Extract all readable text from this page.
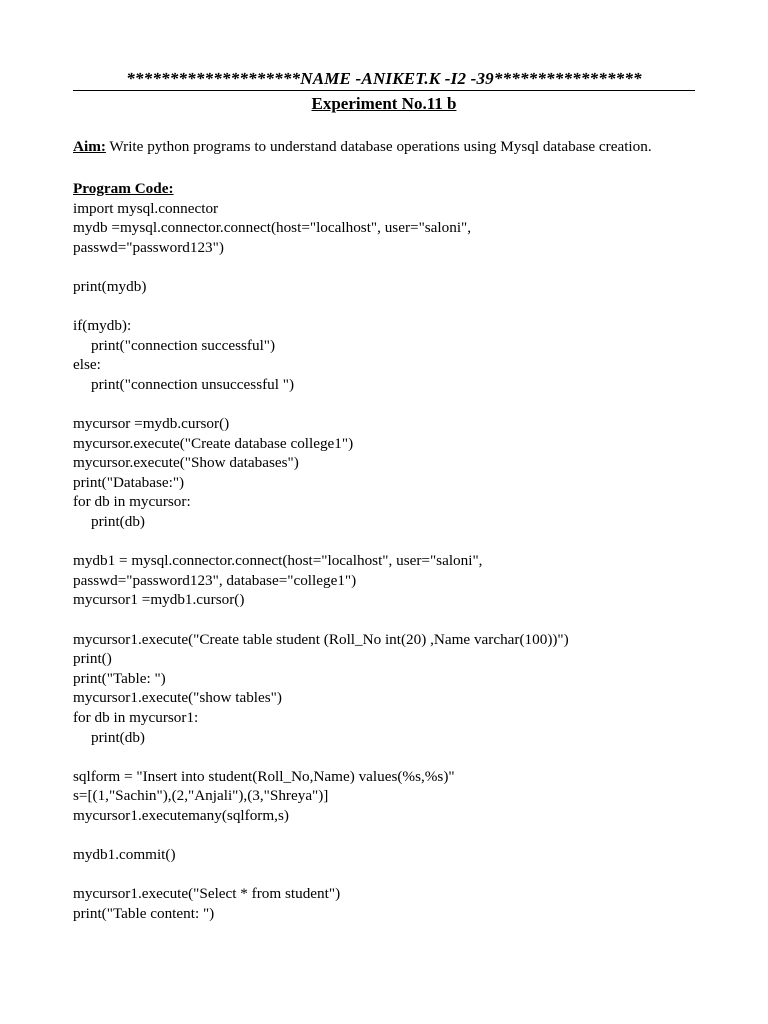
********************NAME -ANIKET.K -I2 -39*****************
Experiment No.11 b
Aim: Write python programs to understand database operations using Mysql database creation.
Program Code:
import mysql.connector
mydb =mysql.connector.connect(host="localhost", user="saloni",
passwd="password123")
print(mydb)
if(mydb):
print("connection successful")
else:
print("connection unsuccessful ")
mycursor =mydb.cursor()
mycursor.execute("Create database college1")
mycursor.execute("Show databases")
print("Database:")
for db in mycursor:
print(db)
mydb1 = mysql.connector.connect(host="localhost", user="saloni",
passwd="password123", database="college1")
mycursor1 =mydb1.cursor()
mycursor1.execute("Create table student (Roll_No int(20) ,Name varchar(100))")
print()
print("Table: ")
mycursor1.execute("show tables")
for db in mycursor1:
print(db)
sqlform = "Insert into student(Roll_No,Name) values(%s,%s)"
s=[(1,"Sachin"),(2,"Anjali"),(3,"Shreya")]
mycursor1.executemany(sqlform,s)
mydb1.commit()
mycursor1.execute("Select * from student")
print("Table content: ")
